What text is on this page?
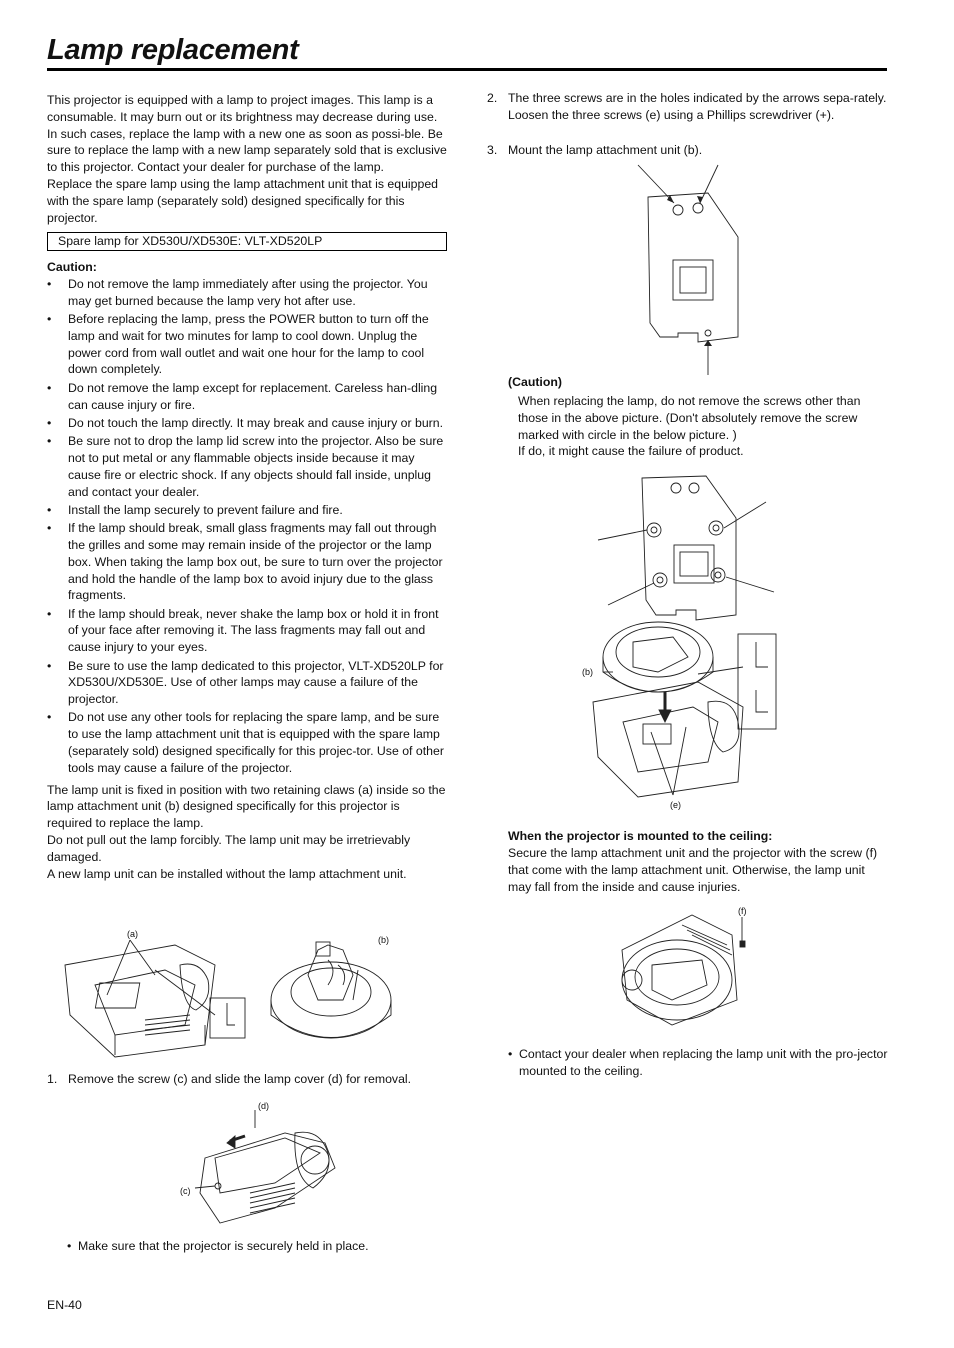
Lamp replacement

This projector is equipped with a lamp to project images. This lamp is a consumable. It may burn out or its brightness may decrease during use. In such cases, replace the lamp with a new one as soon as possi-ble. Be sure to replace the lamp with a new lamp separately sold that is exclusive to this projector. Contact your dealer for purchase of the lamp.

Replace the spare lamp using the lamp attachment unit that is equipped with the spare lamp (separately sold) designed specifically for this projector.

Spare lamp for XD530U/XD530E: VLT-XD520LP

Caution:

• Do not remove the lamp immediately after using the projector. You may get burned because the lamp very hot after use.
• Before replacing the lamp, press the POWER button to turn off the lamp and wait for two minutes for lamp to cool down. Unplug the power cord from wall outlet and wait one hour for the lamp to cool down completely.
• Do not remove the lamp except for replacement. Careless han-dling can cause injury or fire.
• Do not touch the lamp directly. It may break and cause injury or burn.
• Be sure not to drop the lamp lid screw into the projector. Also be sure not to put metal or any flammable objects inside because it may cause fire or electric shock. If any objects should fall inside, unplug and contact your dealer.
• Install the lamp securely to prevent failure and fire.
• If the lamp should break, small glass fragments may fall out through the grilles and some may remain inside of the projector or the lamp box. When taking the lamp box out, be sure to turn over the projector and hold the handle of the lamp box to avoid injury due to the glass fragments.
• If the lamp should break, never shake the lamp box or hold it in front of your face after removing it. The lass fragments may fall out and cause injury to your eyes.
• Be sure to use the lamp dedicated to this projector, VLT-XD520LP for XD530U/XD530E. Use of other lamps may cause a failure of the projector.
• Do not use any other tools for replacing the spare lamp, and be sure to use the lamp attachment unit that is equipped with the spare lamp (separately sold) designed specifically for this projec-tor. Use of other tools may cause a failure of the projector.

The lamp unit is fixed in position with two retaining claws (a) inside so the lamp attachment unit (b) designed specifically for this projector is required to replace the lamp.

Do not pull out the lamp forcibly. The lamp unit may be irretrievably damaged.

A new lamp unit can be installed without the lamp attachment unit.

(a)
(b)
1. Remove the screw (c) and slide the lamp cover (d) for removal.
(d)
(c)
• Make sure that the projector is securely held in place.
2. The three screws are in the holes indicated by the arrows sepa-rately.

Loosen the three screws (e) using a Phillips screwdriver (+).

3. Mount the lamp attachment unit (b).
(Caution)

When replacing the lamp, do not remove the screws other than those in the above picture. (Don't absolutely remove the screw marked with circle in the below picture. )

If do, it might cause the failure of product.

(b)
(e)
When the projector is mounted to the ceiling:
Secure the lamp attachment unit and the projector with the screw (f) that come with the lamp attachment unit. Otherwise, the lamp unit may fall from the inside and cause injuries.
(f)
• Contact your dealer when replacing the lamp unit with the pro-jector mounted to the ceiling.
EN-40
